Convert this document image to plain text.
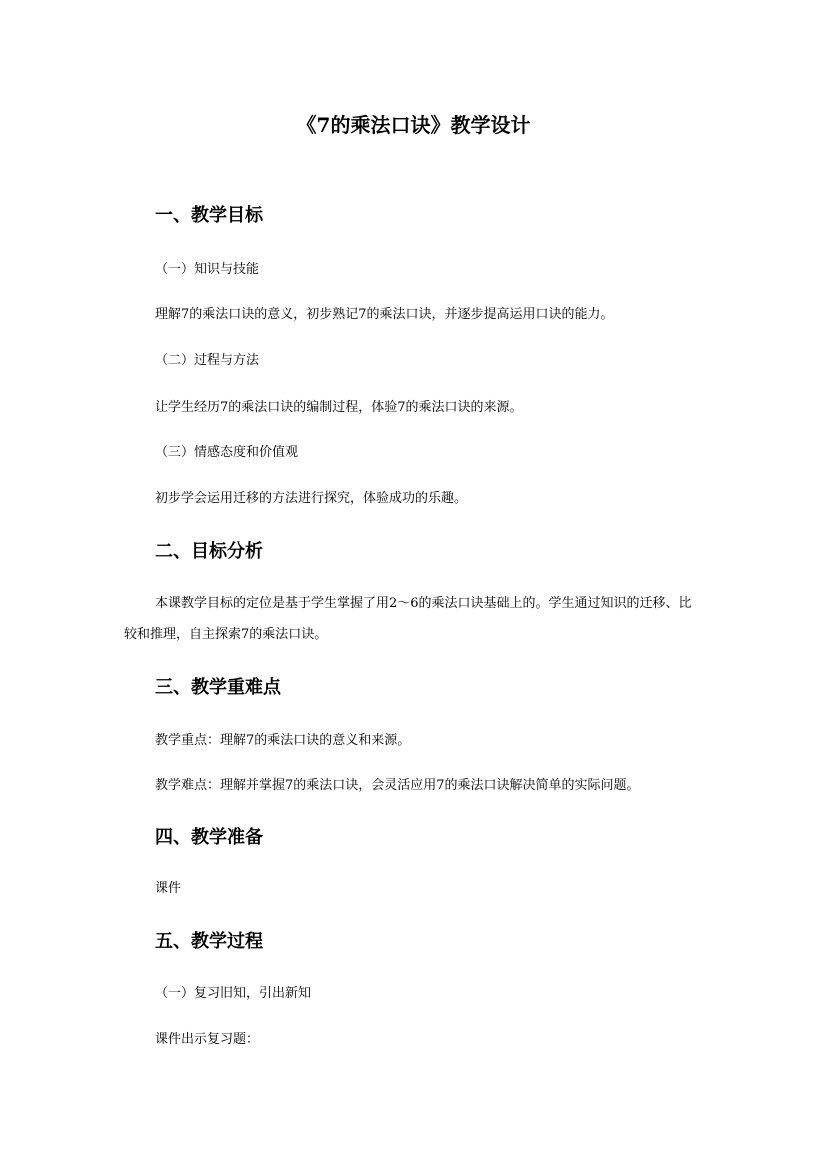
《7的乘法口诀》教学设计
一、教学目标
（一）知识与技能
理解7的乘法口诀的意义，初步熟记7的乘法口诀，并逐步提高运用口诀的能力。
（二）过程与方法
让学生经历7的乘法口诀的编制过程，体验7的乘法口诀的来源。
（三）情感态度和价值观
初步学会运用迁移的方法进行探究，体验成功的乐趣。
二、目标分析
本课教学目标的定位是基于学生掌握了用2～6的乘法口诀基础上的。学生通过知识的迁移、比较和推理，自主探索7的乘法口诀。
三、教学重难点
教学重点：理解7的乘法口诀的意义和来源。
教学难点：理解并掌握7的乘法口诀，会灵活应用7的乘法口诀解决简单的实际问题。
四、教学准备
课件
五、教学过程
（一）复习旧知，引出新知
课件出示复习题：
